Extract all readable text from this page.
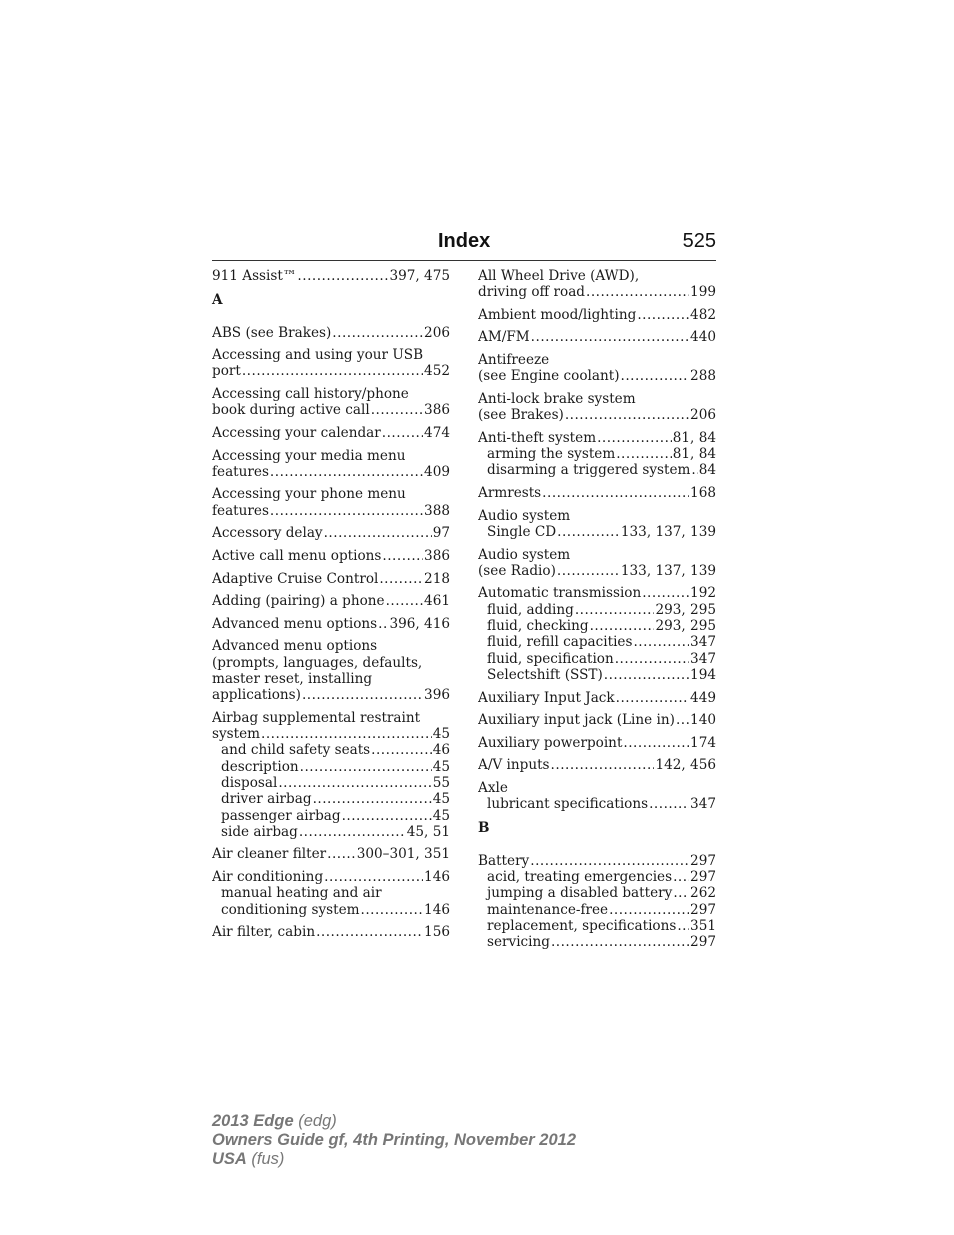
Index	525
911 Assist™ .....	397, 475
A
ABS (see Brakes) .....	206
Accessing and using your USB
port .....	452
Accessing call history/phone
book during active call .....	386
Accessing your calendar .....	474
Accessing your media menu
features .....	409
Accessing your phone menu
features .....	388
Accessory delay .....	97
Active call menu options .....	386
Adaptive Cruise Control .....	218
Adding (pairing) a phone .....	461
Advanced menu options ..... 396, 416
Advanced menu options
(prompts, languages, defaults,
master reset, installing
applications) .....	396
Airbag supplemental restraint
system .....	45
and child safety seats .....	46
description .....	45
disposal .....	55
driver airbag .....	45
passenger airbag .....	45
side airbag .....	45, 51
Air cleaner filter ..... 300–301, 351
Air conditioning .....	146
manual heating and air
conditioning system .....	146
Air filter, cabin .....	156
All Wheel Drive (AWD),
driving off road .....	199
Ambient mood/lighting .....	482
AM/FM .....	440
Antifreeze
(see Engine coolant) .....	288
Anti-lock brake system
(see Brakes) .....	206
Anti-theft system .....	81, 84
arming the system .....	81, 84
disarming a triggered system ..... 84
Armrests .....	168
Audio system
Single CD .....	133, 137, 139
Audio system
(see Radio) .....	133, 137, 139
Automatic transmission .....	192
fluid, adding .....	293, 295
fluid, checking .....	293, 295
fluid, refill capacities .....	347
fluid, specification .....	347
Selectshift (SST) .....	194
Auxiliary Input Jack .....	449
Auxiliary input jack (Line in) ..... 140
Auxiliary powerpoint .....	174
A/V inputs .....	142, 456
Axle
lubricant specifications .....	347
B
Battery .....	297
acid, treating emergencies ..... 297
jumping a disabled battery ..... 262
maintenance-free .....	297
replacement, specifications ..... 351
servicing .....	297
2013 Edge (edg)
Owners Guide gf, 4th Printing, November 2012
USA (fus)
